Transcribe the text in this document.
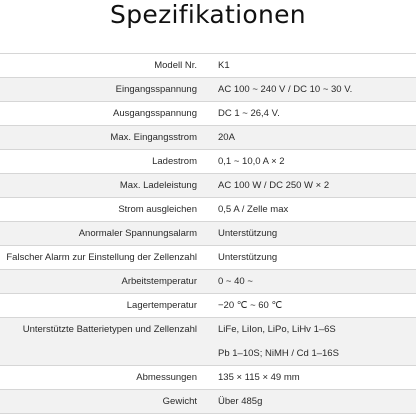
Spezifikationen
Modell Nr. K1
Eingangsspannung AC 100 ~ 240 V / DC 10 ~ 30 V.
Ausgangsspannung DC 1 ~ 26,4 V.
Max. Eingangsstrom 20A
Ladestrom 0,1 ~ 10,0 A × 2
Max. Ladeleistung AC 100 W / DC 250 W × 2
Strom ausgleichen 0,5 A / Zelle max
Anormaler Spannungsalarm Unterstützung
Falscher Alarm zur Einstellung der Zellenzahl Unterstützung
Arbeitstemperatur 0 ~ 40 ~
Lagertemperatur −20 ℃ ~ 60 ℃
Unterstützte Batterietypen und Zellenzahl LiFe, LiIon, LiPo, LiHv 1–6S
Pb 1–10S; NiMH / Cd 1–16S
Abmessungen 135 × 115 × 49 mm
Gewicht Über 485g
